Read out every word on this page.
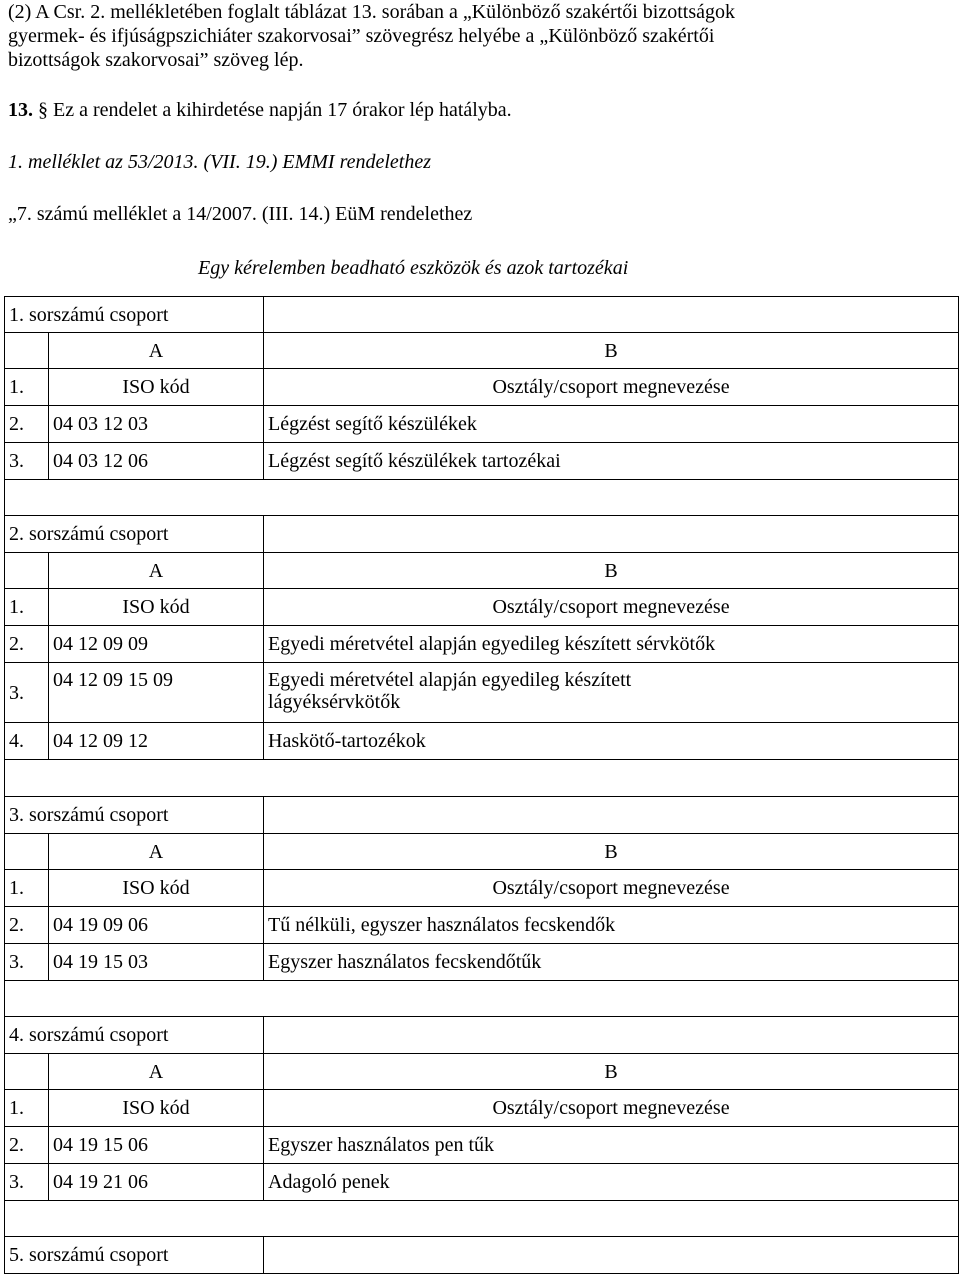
(2) A Csr. 2. mellékletében foglalt táblázat 13. sorában a „Különböző szakértői bizottságok
gyermek- és ifjúságpszichiáter szakorvosai” szövegrész helyébe a „Különböző szakértői
bizottságok szakorvosai” szöveg lép.
13. § Ez a rendelet a kihirdetése napján 17 órakor lép hatályba.
1. melléklet az 53/2013. (VII. 19.) EMMI rendelethez
„7. számú melléklet a 14/2007. (III. 14.) EüM rendelethez
Egy kérelemben beadható eszközök és azok tartozékai
1. sorszámú csoport		
	A	B
1.	ISO kód	Osztály/csoport megnevezése
2.	04 03 12 03	Légzést segítő készülékek
3.	04 03 12 06	Légzést segítő készülékek tartozékai

2. sorszámú csoport		
	A	B
1.	ISO kód	Osztály/csoport megnevezése
2.	04 12 09 09	Egyedi méretvétel alapján egyedileg készített sérvkötők
3.	04 12 09 15 09	Egyedi méretvétel alapján egyedileg készített
lágyéksérvkötők

4.	04 12 09 12	Haskötő-tartozékok

3. sorszámú csoport		
	A	B
1.	ISO kód	Osztály/csoport megnevezése
2.	04 19 09 06	Tű nélküli, egyszer használatos fecskendők
3.	04 19 15 03	Egyszer használatos fecskendőtűk

4. sorszámú csoport		
	A	B
1.	ISO kód	Osztály/csoport megnevezése
2.	04 19 15 06	Egyszer használatos pen tűk
3.	04 19 21 06	Adagoló penek

5. sorszámú csoport		
